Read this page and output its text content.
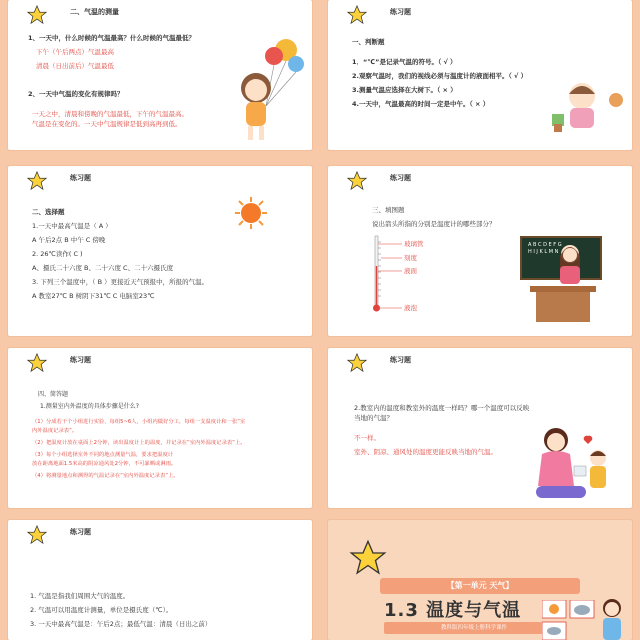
二、气温的测量
1、一天中，什么时候的气温最高？什么时候的气温最低？
下午（午后两点）气温最高
清晨（日出前后）气温最低
2、一天中气温的变化有规律吗？
一天之中，清晨和傍晚的气温最低，下午的气温最高。
气温是在变化的。一天中气温规律是低到高再到低。
练习题
一、判断题
1．“℃”是记录气温的符号。（ √ ）
2.观察气温时，我们的视线必须与温度计的液面相平。（ √ ）
3.测量气温应选择在大树下。（ × ）
4.一天中，气温最高的时间一定是中午。（ × ）
练习题
二、选择题
1.一天中最高气温是（ A ）
A 午后2点 B 中午 C 傍晚
2. 26℃读作( C )
A、摄氏二十六度 B、二十六度 C、二十六摄氏度
3. 下列三个温度中，（ B ）更接近天气预报中，所报的气温。
A 教室27℃ B 树阴下31℃ C 电脑室23℃
练习题
三、填图题
说出箭头所指的分别是温度计的哪些部分？
玻璃管
刻度
液面
液泡
A B C D E F G
H I J K L M N
练习题
四、简答题
1.测量室内外温度的具体步骤是什么?
（1）分成若干个小组进行实验，每组5~6人，小组内做好分工，每组一支温度计和一张“室
内外温度记录表”。
（2）把温度计放在桌面上2分钟，读出温度计上的温度，并记录在“室内外温度记录表”上。
（3）每个小组选择室外不同的地点测量气温，要求把温度计
放在距离地面1.5米高的阴凉通风处2分钟，不可暴晒或淋雨。
（4）将测量地点和测得的气温记录在“室内外温度记录表”上。
练习题
2.教室内的温度和教室外的温度一样吗？哪一个温度可以反映
当地的气温？
不一样。
室外、阴凉、通风处的温度更能反映当地的气温。
练习题
1. 气温是指我们周围大气的温度。
2. 气温可以用温度计测量，单位是摄氏度（℃）。
3. 一天中最高气温是：午后2点；最低气温：清晨（日出之前）
【第一单元 天气】
1.3 温度与气温
教科版四年级上册科学课件
